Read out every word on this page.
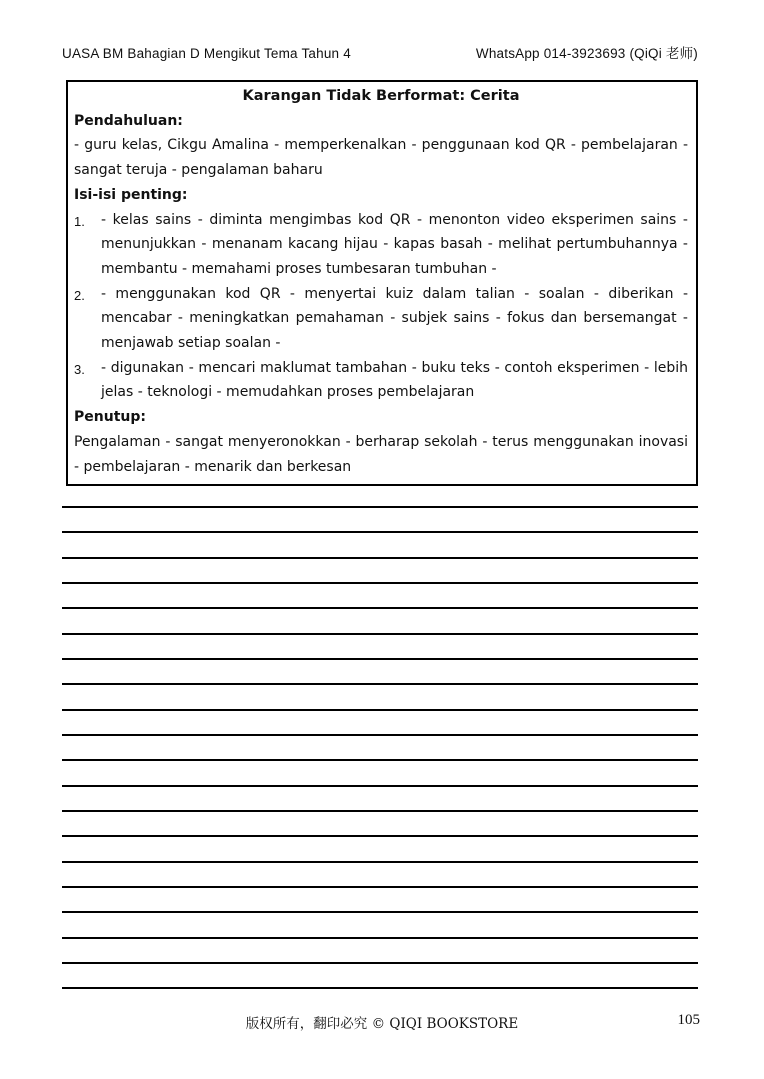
UASA BM Bahagian D Mengikut Tema Tahun 4	WhatsApp 014-3923693 (QiQi 老师)
Karangan Tidak Berformat: Cerita
Pendahuluan:
- guru kelas, Cikgu Amalina - memperkenalkan - penggunaan kod QR - pembelajaran - sangat teruja - pengalaman baharu
Isi-isi penting:
1.	- kelas sains - diminta mengimbas kod QR - menonton video eksperimen sains - menunjukkan - menanam kacang hijau - kapas basah - melihat pertumbuhannya - membantu - memahami proses tumbesaran tumbuhan -
2.	- menggunakan kod QR - menyertai kuiz dalam talian - soalan - diberikan - mencabar - meningkatkan pemahaman - subjek sains - fokus dan bersemangat - menjawab setiap soalan -
3.	- digunakan - mencari maklumat tambahan - buku teks - contoh eksperimen - lebih jelas - teknologi - memudahkan proses pembelajaran
Penutup:
Pengalaman - sangat menyeronokkan - berharap sekolah - terus menggunakan inovasi - pembelajaran - menarik dan berkesan
版权所有，翻印必究 © QIQI BOOKSTORE	105
